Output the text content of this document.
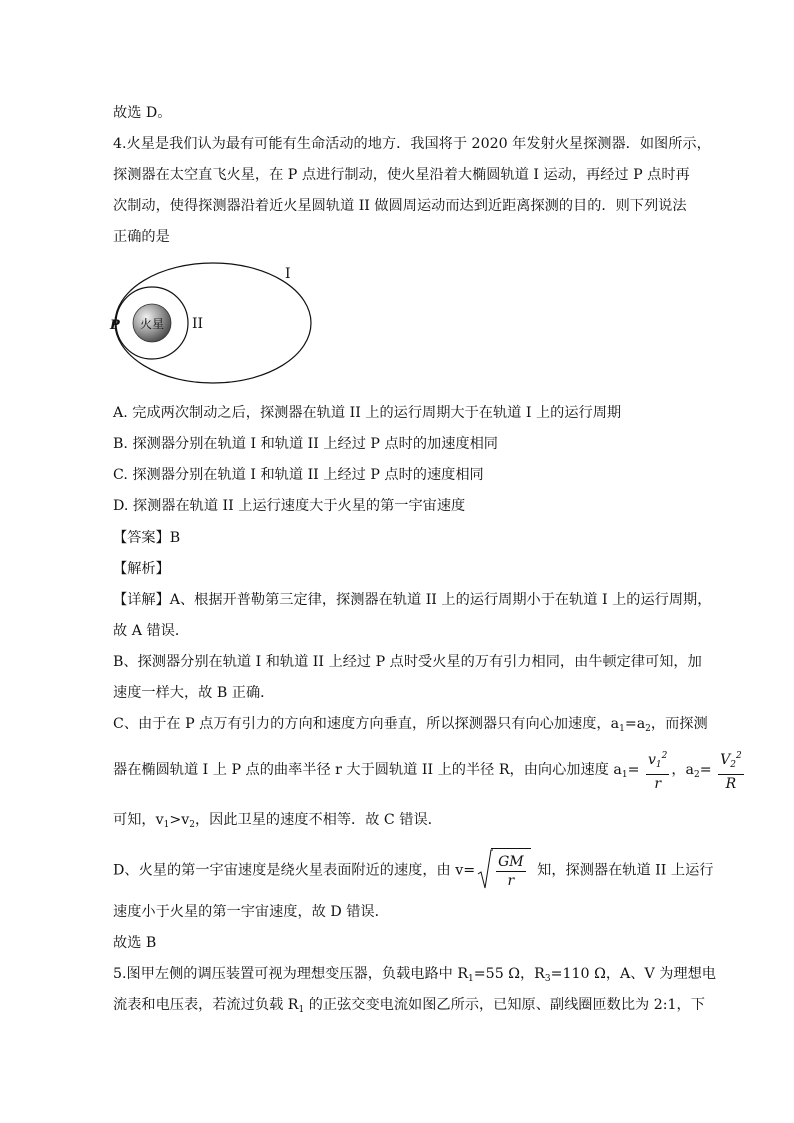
故选 D。
4.火星是我们认为最有可能有生命活动的地方．我国将于 2020 年发射火星探测器．如图所示，
探测器在太空直飞火星，在 P 点进行制动，使火星沿着大椭圆轨道 I 运动，再经过 P 点时再
次制动，使得探测器沿着近火星圆轨道 II 做圆周运动而达到近距离探测的目的．则下列说法
正确的是
火星
P
I
II
A. 完成两次制动之后，探测器在轨道 II 上的运行周期大于在轨道 I 上的运行周期
B. 探测器分别在轨道 I 和轨道 II 上经过 P 点时的加速度相同
C. 探测器分别在轨道 I 和轨道 II 上经过 P 点时的速度相同
D. 探测器在轨道 II 上运行速度大于火星的第一宇宙速度
【答案】B
【解析】
【详解】A、根据开普勒第三定律，探测器在轨道 II 上的运行周期小于在轨道 I 上的运行周期，
故 A 错误．
B、探测器分别在轨道 I 和轨道 II 上经过 P 点时受火星的万有引力相同，由牛顿定律可知，加
速度一样大，故 B 正确．
C、由于在 P 点万有引力的方向和速度方向垂直，所以探测器只有向心加速度，$a_1=a_2$，而探测
器在椭圆轨道 I 上 P 点的曲率半径 r 大于圆轨道 II 上的半径 R，由向心加速度 $a_1= \frac{v_1^2}{r}$ ，$a_2= \frac{V_2^2}{R}$
可知，$v_1>v_2$，因此卫星的速度不相等．故 C 错误．
D、火星的第一宇宙速度是绕火星表面附近的速度，由 $v= \frac{GM}{r}$ 知，探测器在轨道 II 上运行
速度小于火星的第一宇宙速度，故 D 错误．
故选 B
5.图甲左侧的调压装置可视为理想变压器，负载电路中 $R_1=55$ Ω，$R_3=110$ Ω，A、V 为理想电
流表和电压表，若流过负载 $R_1$ 的正弦交变电流如图乙所示，已知原、副线圈匝数比为 2:1，下
